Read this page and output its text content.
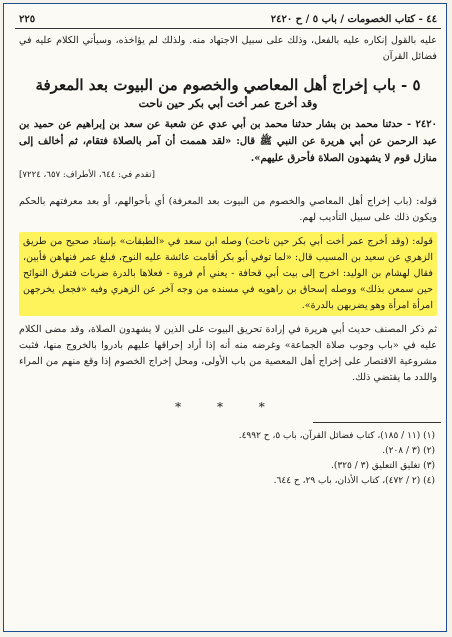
٤٤ - كتاب الخصومات / باب ٥ / ح ٢٤٢٠
٢٢٥
عليه بالقول إنكاره عليه بالفعل، وذلك على سبيل الاجتهاد منه. ولذلك لم يؤاخذه، وسيأتي الكلام عليه في فضائل القرآن
٥ - باب إخراج أهل المعاصي والخصوم من البيوت بعد المعرفة
وقد أخرج عمر أخت أبي بكر حين ناحت
٢٤٢٠ - حدثنا محمد بن بشار حدثنا محمد بن أبي عدي عن شعبة عن سعد بن إبراهيم عن حميد بن عبد الرحمن عن أبي هريرة عن النبي ﷺ قال: «لقد هممت أن آمر بالصلاة فتقام، ثم أخالف إلى منازل قوم لا يشهدون الصلاة فأحرق عليهم».
[تقدم في: ٦٤٤، الأطراف: ٦٥٧، ٧٢٢٤]
قوله: (باب إخراج أهل المعاصي والخصوم من البيوت بعد المعرفة) أي بأحوالهم، أو بعد معرفتهم بالحكم ويكون ذلك على سبيل التأديب لهم.
قوله: (وقد أخرج عمر أخت أبي بكر حين ناحت) وصله ابن سعد في «الطبقات» بإسناد صحيح من طريق الزهري عن سعيد بن المسيب قال: «لما توفي أبو بكر أقامت عائشة عليه النوح، فبلغ عمر فنهاهن فأبين، فقال لهشام بن الوليد: اخرج إلى بيت أبي قحافة - يعني أم فروة - فعلاها بالدرة ضربات فتفرق النوائح حين سمعن بذلك» ووصله إسحاق بن راهويه في مسنده من وجه آخر عن الزهري وفيه «فجعل يخرجهن امرأة امرأة وهو يضربهن بالدرة».
ثم ذكر المصنف حديث أبي هريرة في إرادة تحريق البيوت على الذين لا يشهدون الصلاة، وقد مضى الكلام عليه في «باب وجوب صلاة الجماعة» وغرضه منه أنه إذا أراد إحراقها عليهم بادروا بالخروج منها، فثبت مشروعية الاقتصار على إخراج أهل المعصية من باب الأولى، ومحل إخراج الخصوم إذا وقع منهم من المراء واللدد ما يقتضي ذلك.
* * *
(١) (١١ / ١٨٥)، كتاب فضائل القرآن، باب ٥، ح ٤٩٩٢.
(٢) (٣ / ٢٠٨).
(٣) تغليق التعليق (٣ / ٣٢٥).
(٤) (٢ / ٤٧٢)، كتاب الأذان، باب ٢٩، ح ٦٤٤.
